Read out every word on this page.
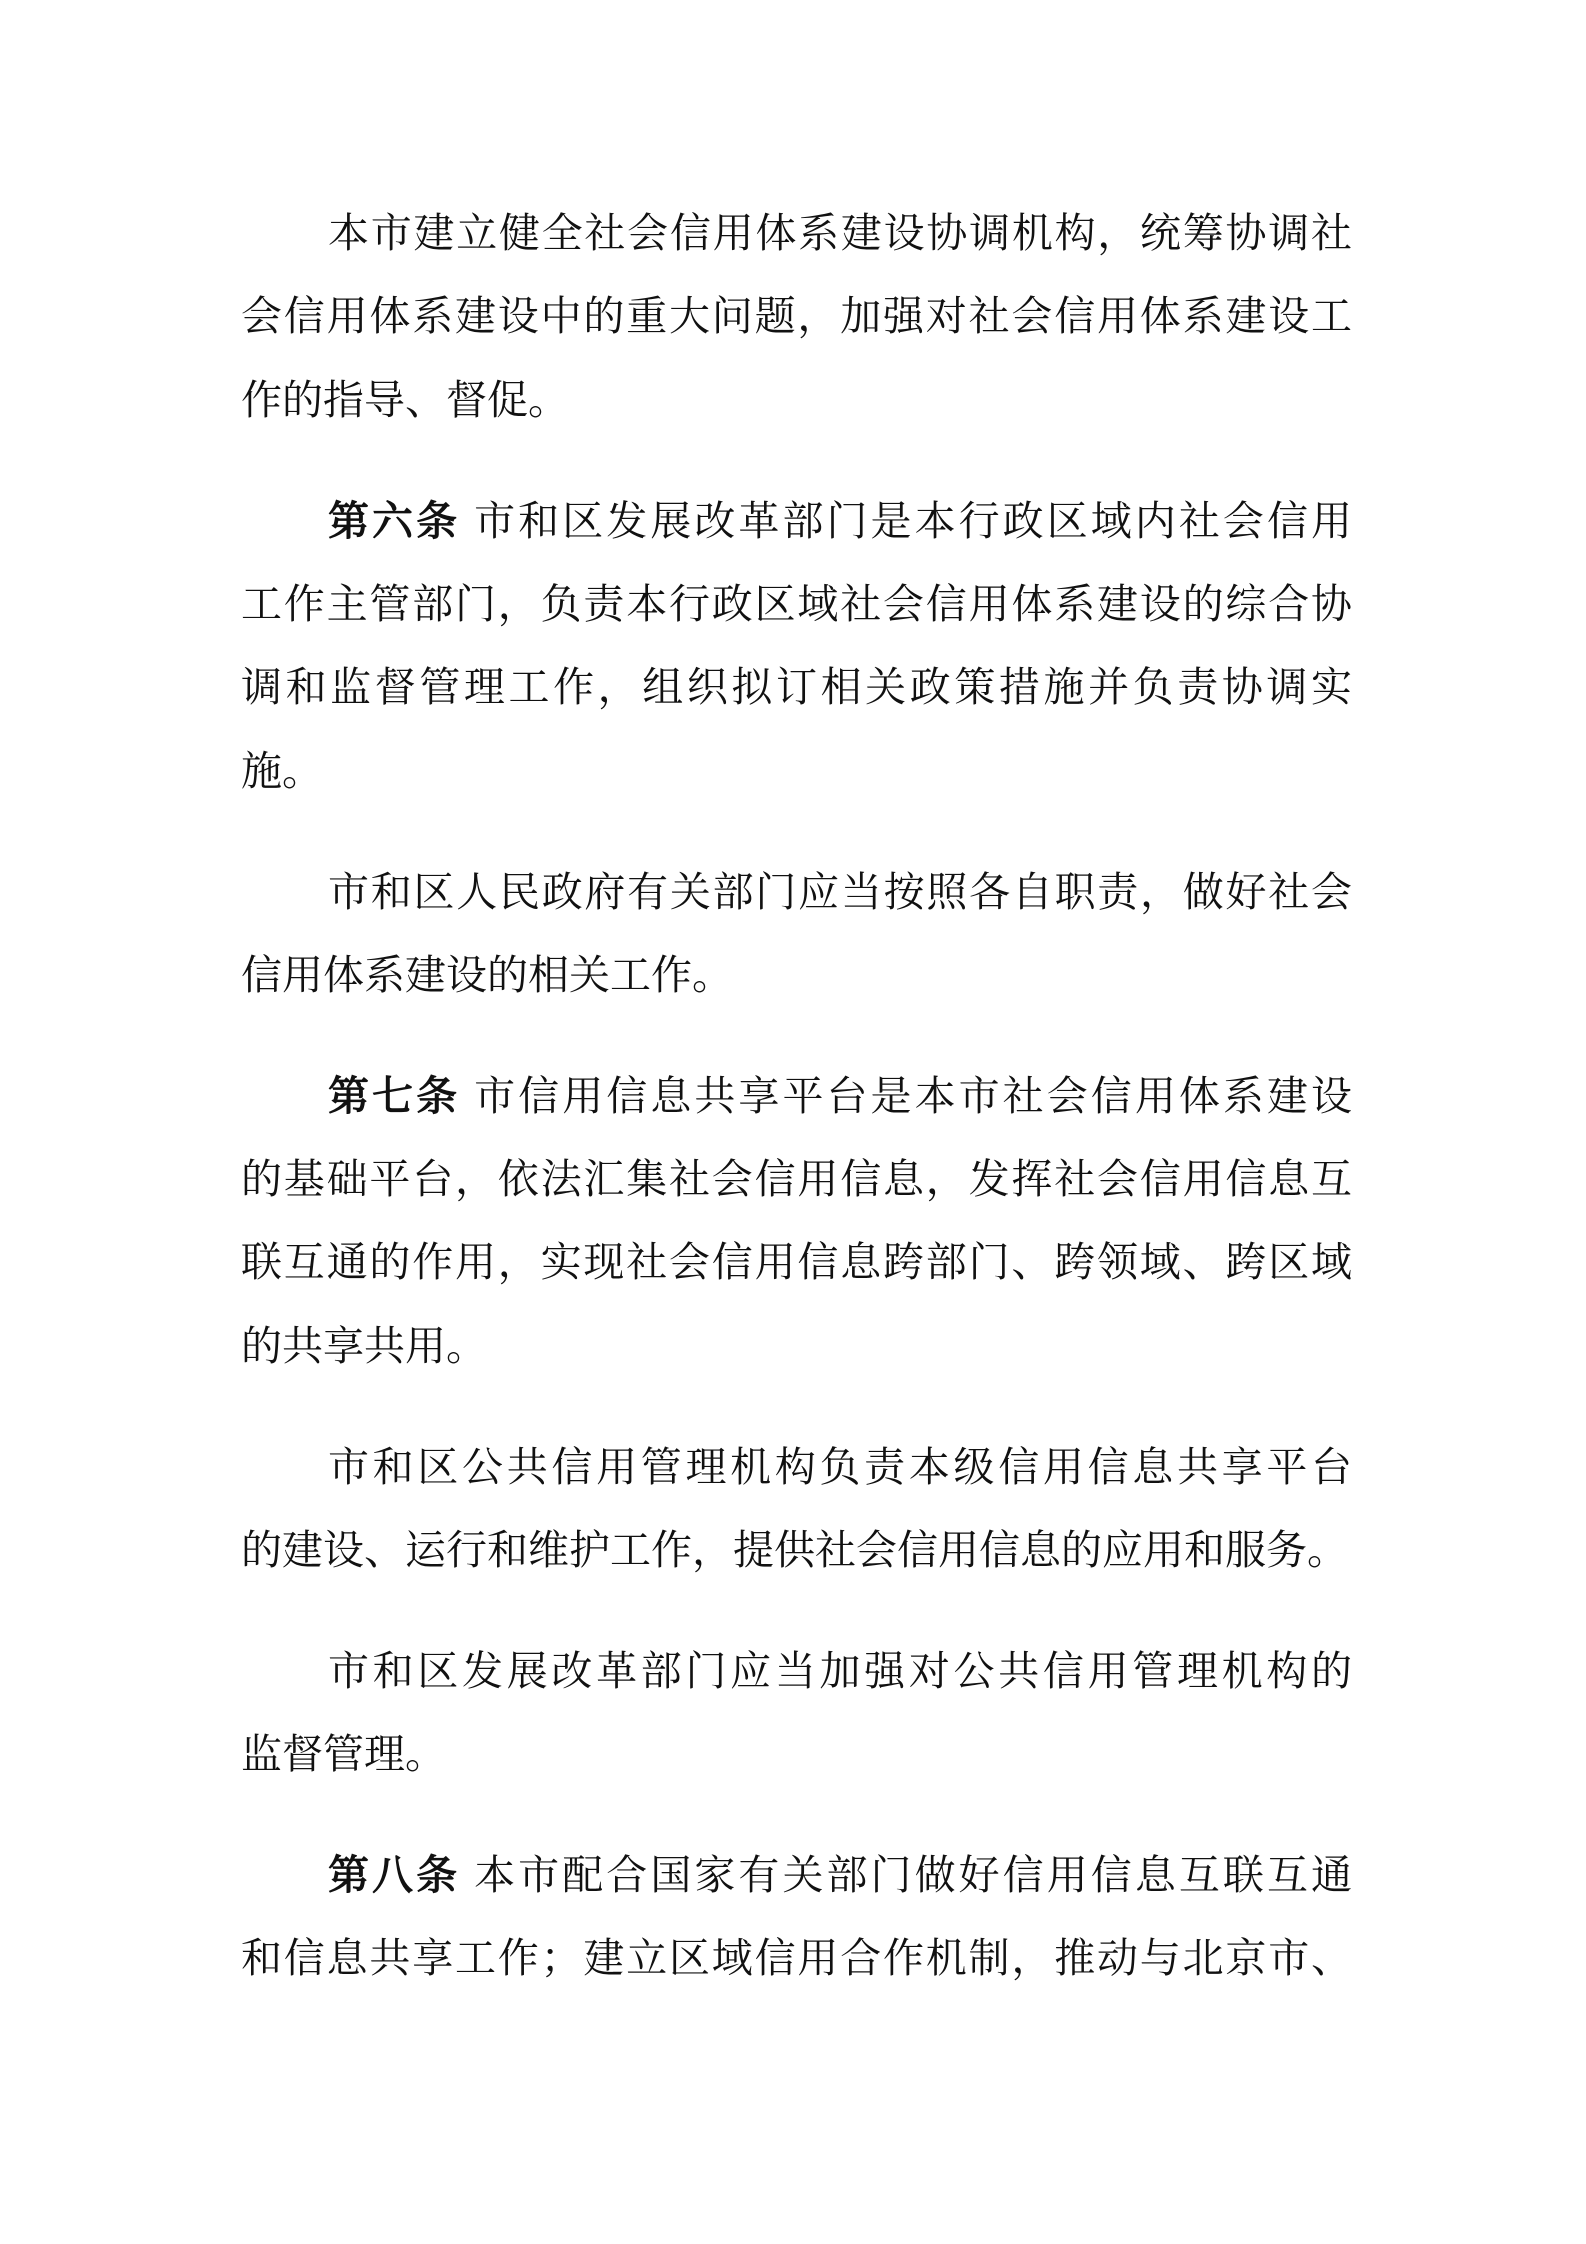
本市建立健全社会信用体系建设协调机构，统筹协调社
会信用体系建设中的重大问题，加强对社会信用体系建设工
作的指导、督促。
第六条 市和区发展改革部门是本行政区域内社会信用
工作主管部门，负责本行政区域社会信用体系建设的综合协
调和监督管理工作，组织拟订相关政策措施并负责协调实
施。
市和区人民政府有关部门应当按照各自职责，做好社会
信用体系建设的相关工作。
第七条 市信用信息共享平台是本市社会信用体系建设
的基础平台，依法汇集社会信用信息，发挥社会信用信息互
联互通的作用，实现社会信用信息跨部门、跨领域、跨区域
的共享共用。
市和区公共信用管理机构负责本级信用信息共享平台
的建设、运行和维护工作，提供社会信用信息的应用和服务。
市和区发展改革部门应当加强对公共信用管理机构的
监督管理。
第八条 本市配合国家有关部门做好信用信息互联互通
和信息共享工作；建立区域信用合作机制，推动与北京市、
